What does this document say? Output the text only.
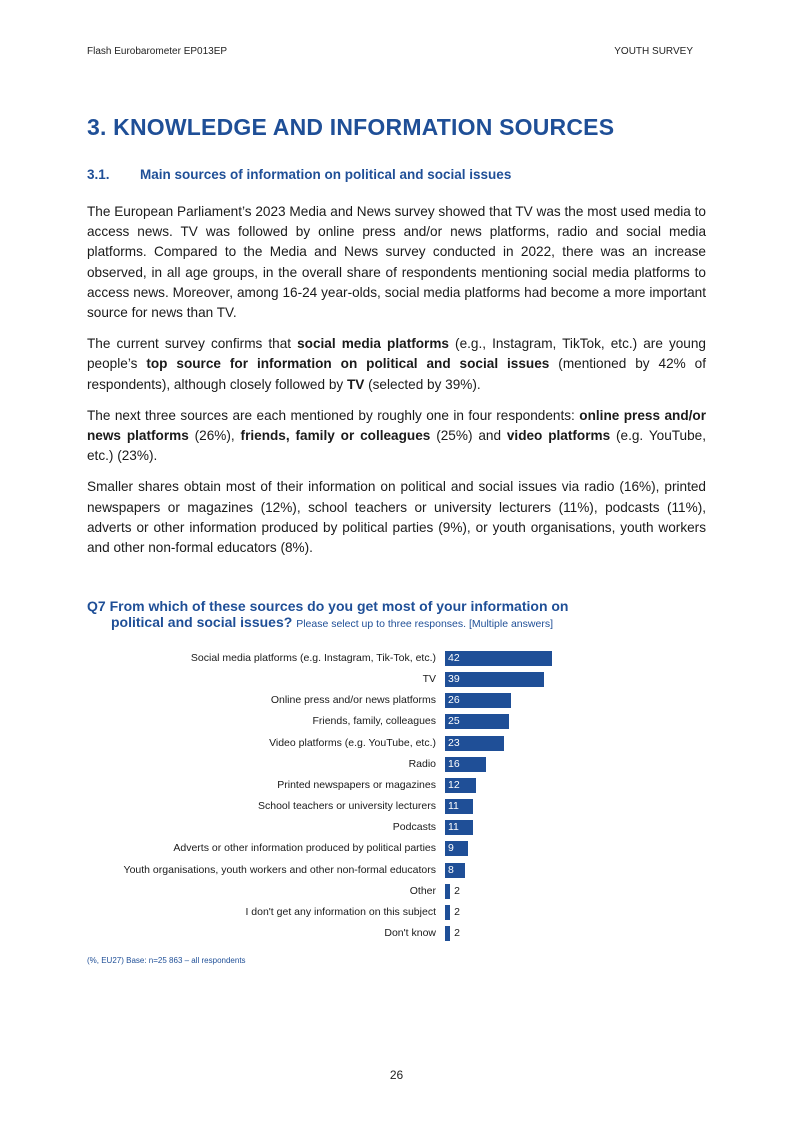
Flash Eurobarometer EP013EP	YOUTH SURVEY
3. KNOWLEDGE AND INFORMATION SOURCES
3.1. Main sources of information on political and social issues

The European Parliament’s 2023 Media and News survey showed that TV was the most used media to access news. TV was followed by online press and/or news platforms, radio and social media platforms. Compared to the Media and News survey conducted in 2022, there was an increase observed, in all age groups, in the overall share of respondents mentioning social media platforms to access news. Moreover, among 16-24 year-olds, social media platforms had become a more important source for news than TV.

The current survey confirms that social media platforms (e.g., Instagram, TikTok, etc.) are young people’s top source for information on political and social issues (mentioned by 42% of respondents), although closely followed by TV (selected by 39%).

The next three sources are each mentioned by roughly one in four respondents: online press and/or news platforms (26%), friends, family or colleagues (25%) and video platforms (e.g. YouTube, etc.) (23%).

Smaller shares obtain most of their information on political and social issues via radio (16%), printed newspapers or magazines (12%), school teachers or university lecturers (11%), podcasts (11%), adverts or other information produced by political parties (9%), or youth organisations, youth workers and other non-formal educators (8%).

Q7 From which of these sources do you get most of your information on
political and social issues? Please select up to three responses. [Multiple answers]
Social media platforms (e.g. Instagram, Tik-Tok, etc.) 42
TV 39
Online press and/or news platforms 26
Friends, family, colleagues 25
Video platforms (e.g. YouTube, etc.) 23
Radio 16
Printed newspapers or magazines 12
School teachers or university lecturers 11
Podcasts 11
Adverts or other information produced by political parties 9
Youth organisations, youth workers and other non-formal educators 8
Other 2
I don't get any information on this subject 2
Don't know 2
(%, EU27) Base: n=25 863 – all respondents
26
